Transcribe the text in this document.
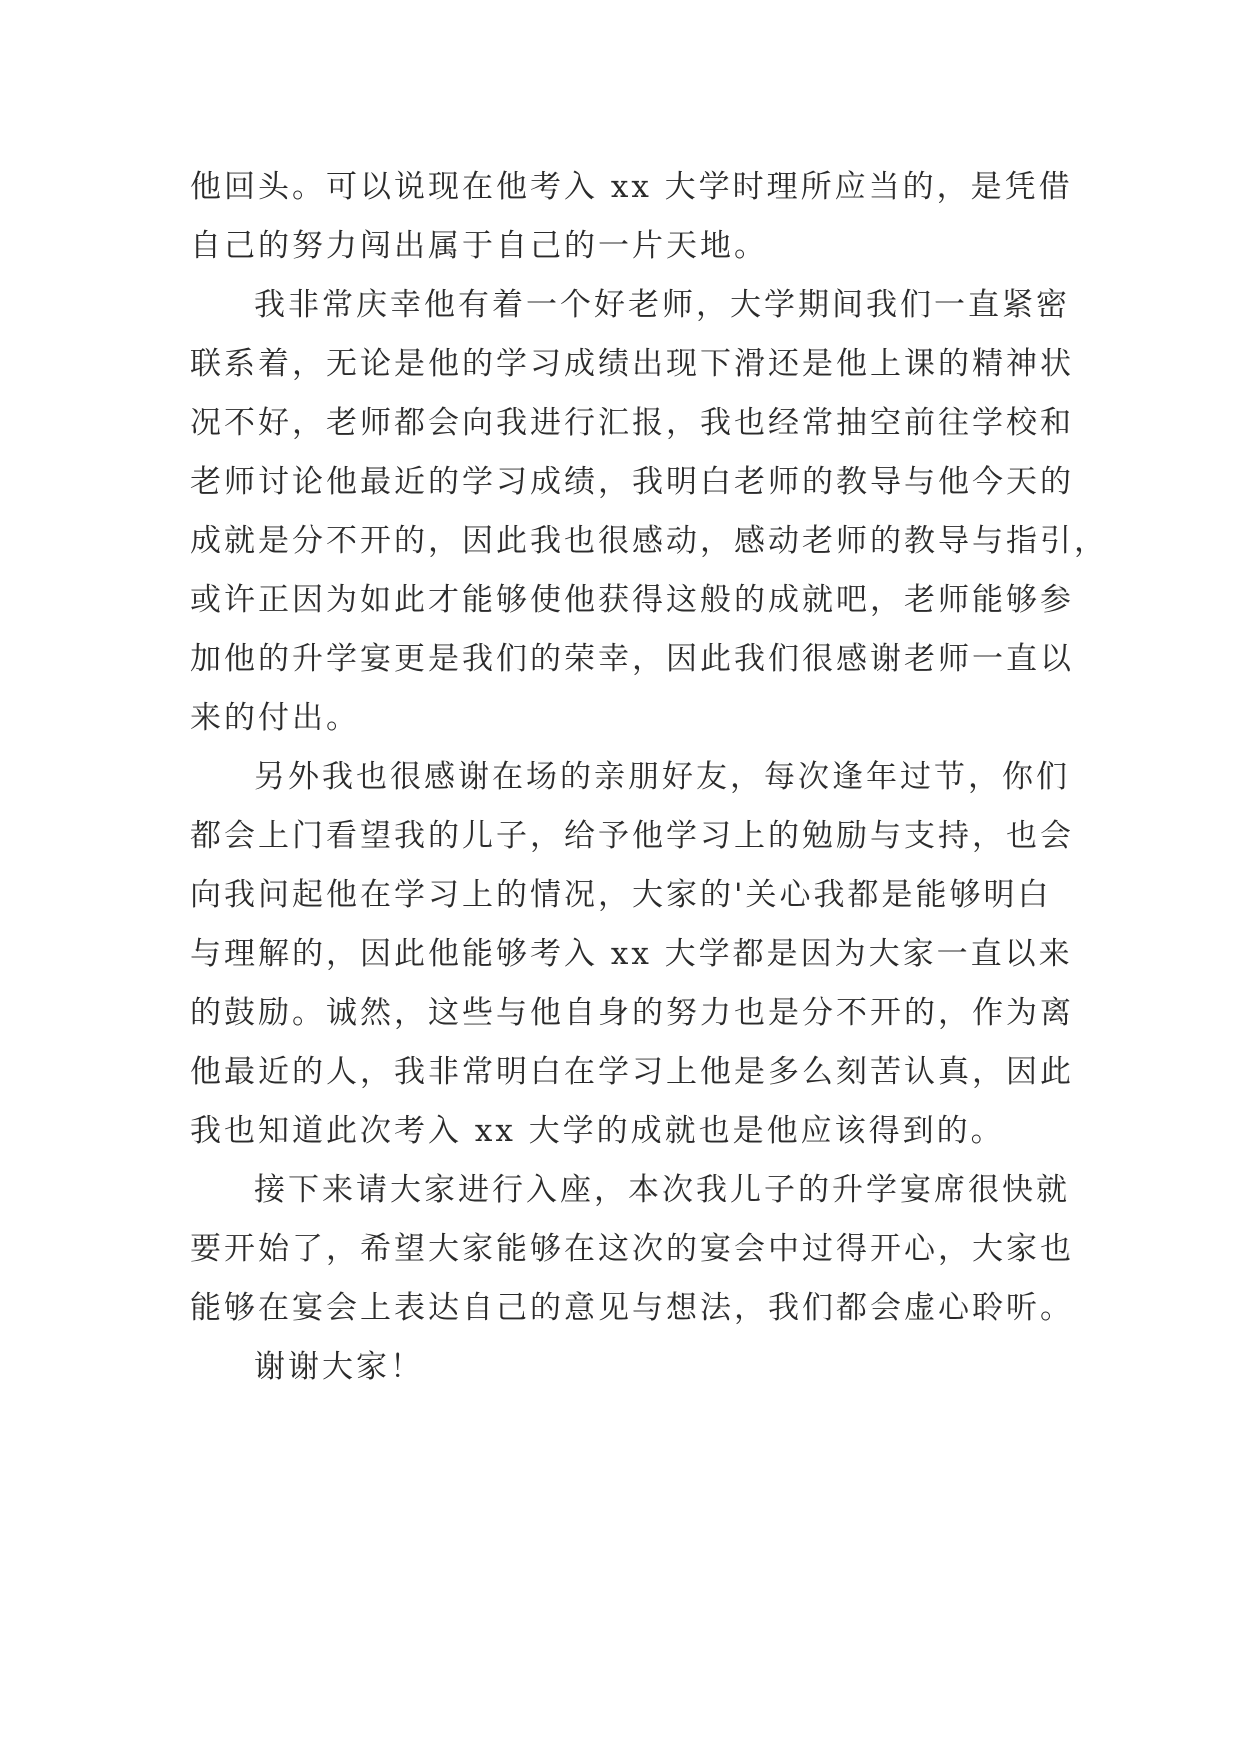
他回头。可以说现在他考入 xx 大学时理所应当的，是凭借
自己的努力闯出属于自己的一片天地。
我非常庆幸他有着一个好老师，大学期间我们一直紧密
联系着，无论是他的学习成绩出现下滑还是他上课的精神状
况不好，老师都会向我进行汇报，我也经常抽空前往学校和
老师讨论他最近的学习成绩，我明白老师的教导与他今天的
成就是分不开的，因此我也很感动，感动老师的教导与指引，
或许正因为如此才能够使他获得这般的成就吧，老师能够参
加他的升学宴更是我们的荣幸，因此我们很感谢老师一直以
来的付出。
另外我也很感谢在场的亲朋好友，每次逢年过节，你们
都会上门看望我的儿子，给予他学习上的勉励与支持，也会
向我问起他在学习上的情况，大家的'关心我都是能够明白
与理解的，因此他能够考入 xx 大学都是因为大家一直以来
的鼓励。诚然，这些与他自身的努力也是分不开的，作为离
他最近的人，我非常明白在学习上他是多么刻苦认真，因此
我也知道此次考入 xx 大学的成就也是他应该得到的。
接下来请大家进行入座，本次我儿子的升学宴席很快就
要开始了，希望大家能够在这次的宴会中过得开心，大家也
能够在宴会上表达自己的意见与想法，我们都会虚心聆听。
谢谢大家！
